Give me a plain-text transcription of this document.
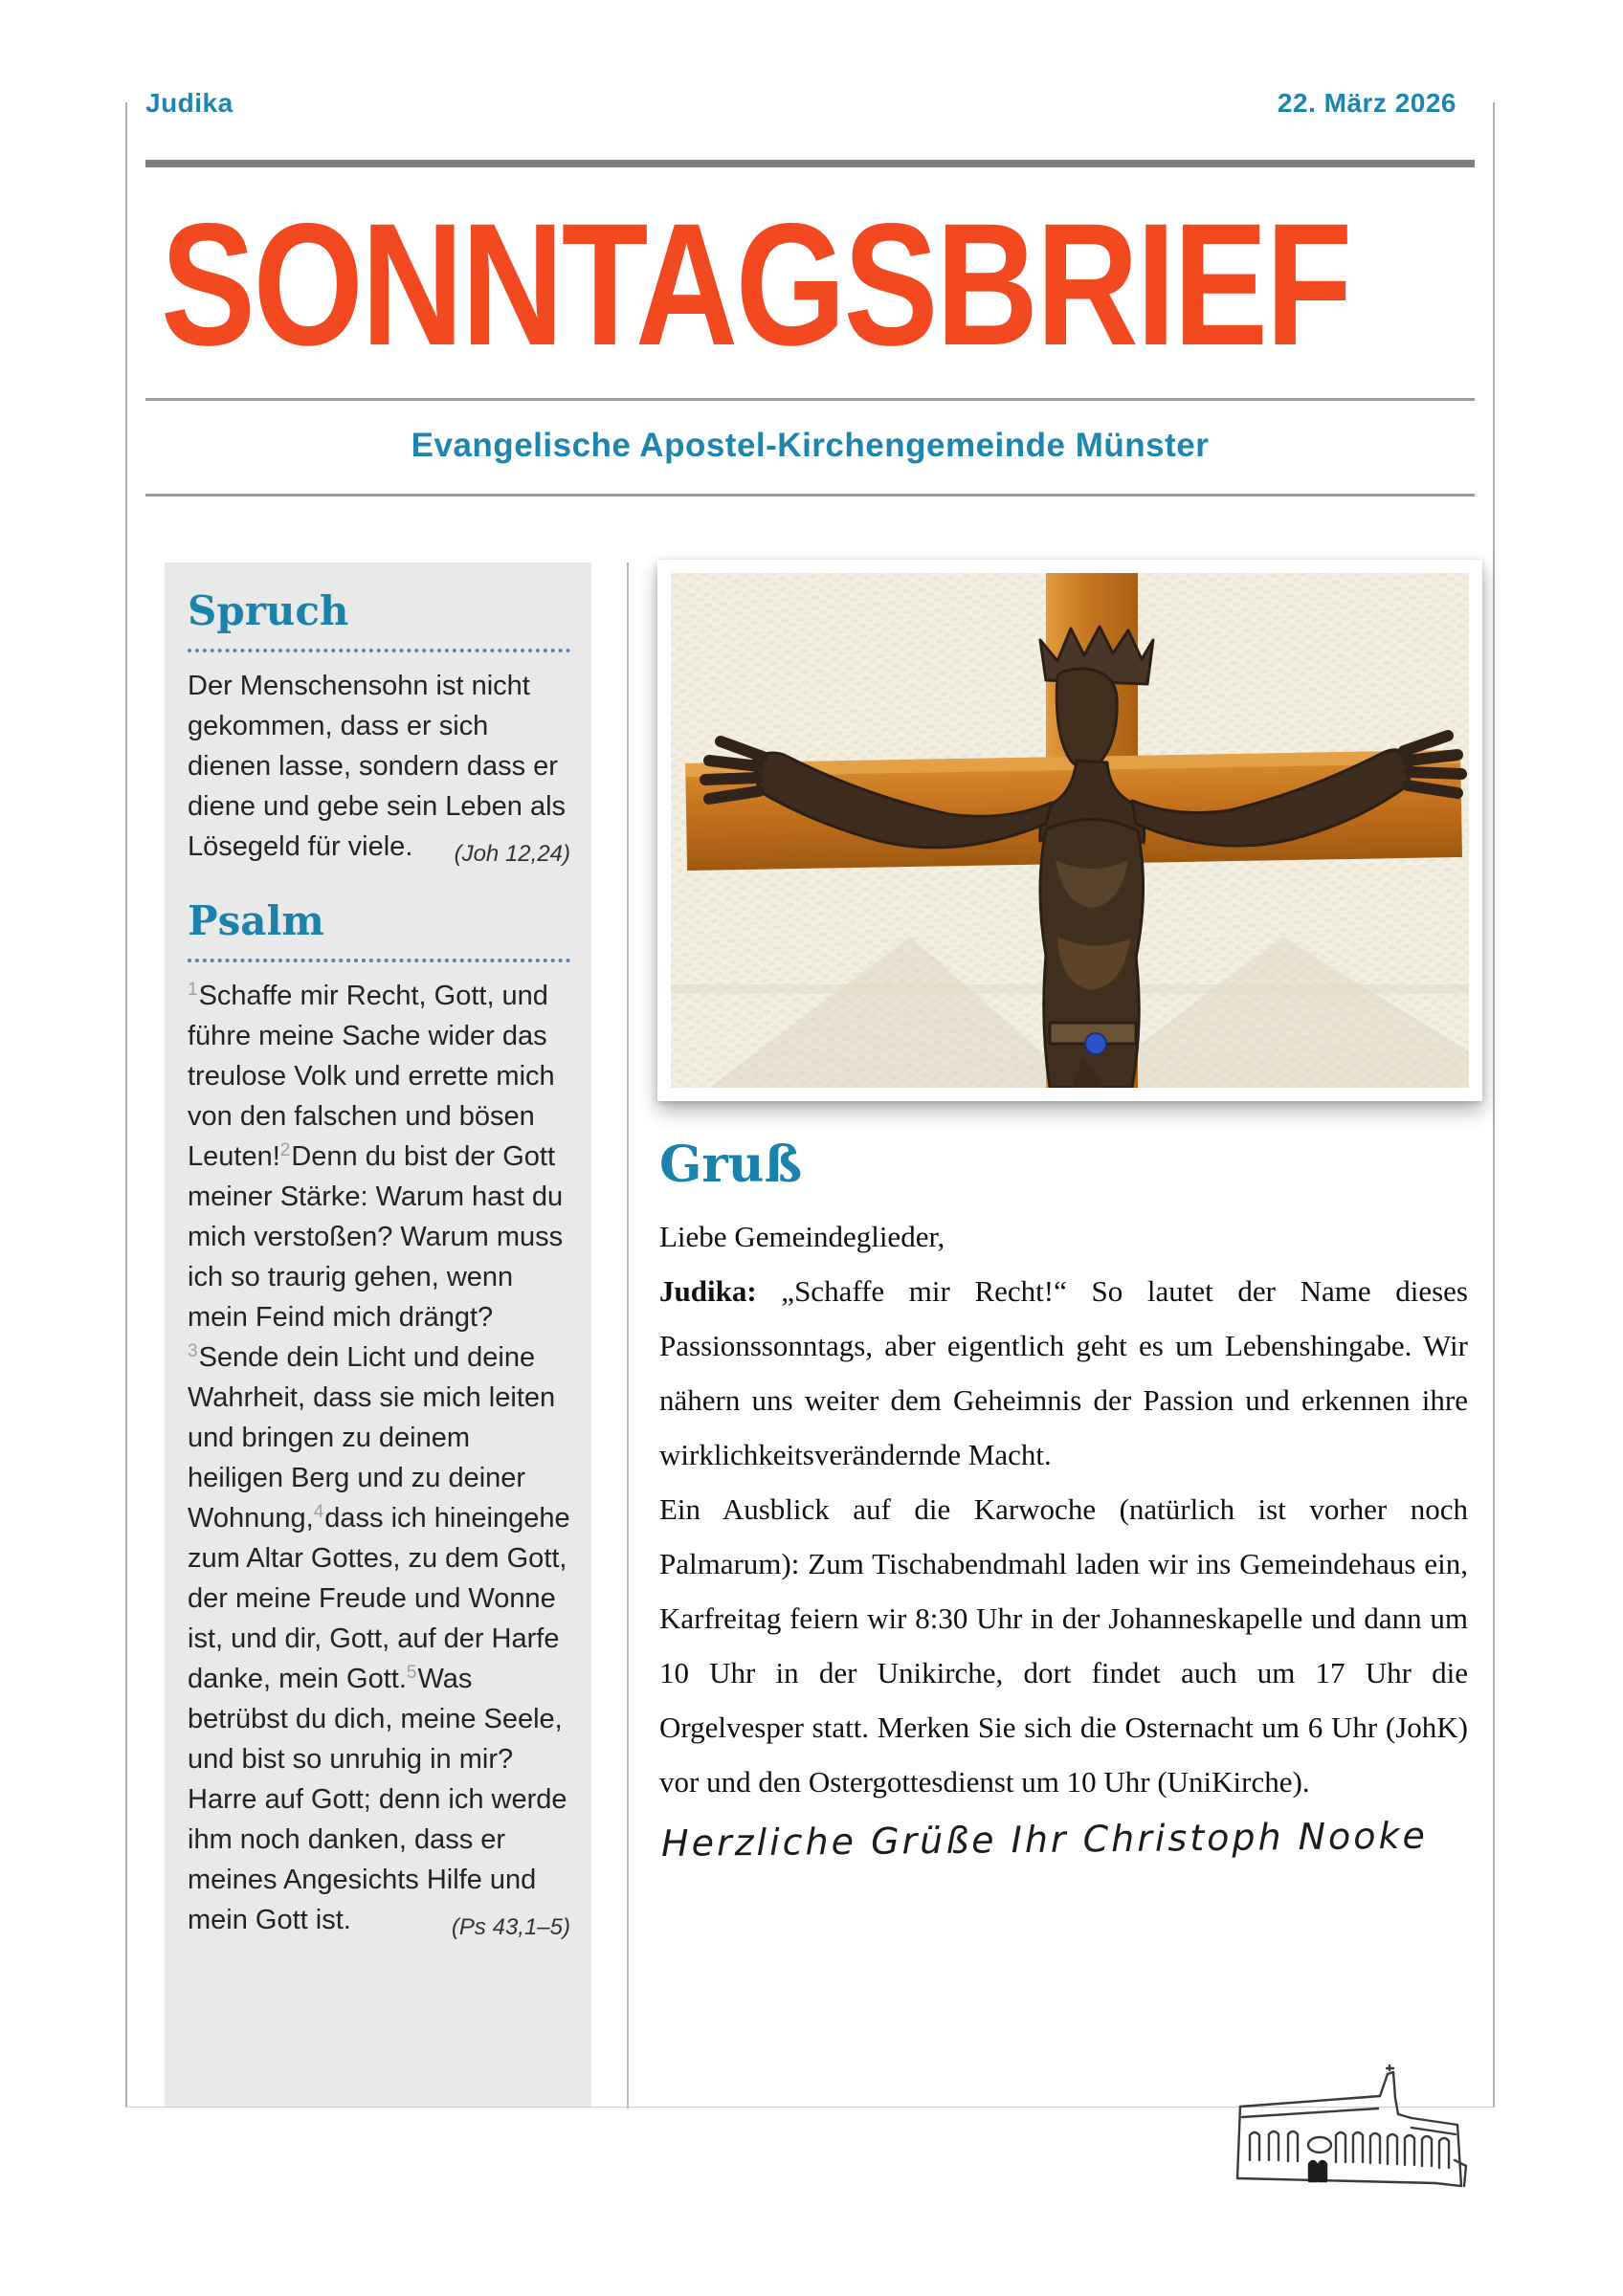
Judika	22. März 2026
SONNTAGSBRIEF
Evangelische Apostel-Kirchengemeinde Münster
Spruch

Der Menschensohn ist nicht gekommen, dass er sich dienen lasse, sondern dass er diene und gebe sein Leben als Lösegeld für viele. (Joh 12,24)

Psalm

$^1$Schaffe mir Recht, Gott, und führe meine Sache wider das treulose Volk und errette mich von den falschen und bösen Leuten!$^2$Denn du bist der Gott meiner Stärke: Warum hast du mich verstoßen? Warum muss ich so traurig gehen, wenn mein Feind mich drängt?$^3$Sende dein Licht und deine Wahrheit, dass sie mich leiten und bringen zu deinem heiligen Berg und zu deiner Wohnung,$^4$dass ich hineingehe zum Altar Gottes, zu dem Gott, der meine Freude und Wonne ist, und dir, Gott, auf der Harfe danke, mein Gott.$^5$Was betrübst du dich, meine Seele, und bist so unruhig in mir? Harre auf Gott; denn ich werde ihm noch danken, dass er meines Angesichts Hilfe und mein Gott ist.	(Ps 43,1–5)

Gruß

Liebe Gemeindeglieder,

Judika: „Schaffe mir Recht!“ So lautet der Name dieses Passionssonntags, aber eigentlich geht es um Lebenshingabe. Wir nähern uns weiter dem Geheimnis der Passion und erkennen ihre wirklichkeitsverändernde Macht.

Ein Ausblick auf die Karwoche (natürlich ist vorher noch Palmarum): Zum Tischabendmahl laden wir ins Gemeindehaus ein, Karfreitag feiern wir 8:30 Uhr in der Johanneskapelle und dann um 10 Uhr in der Unikirche, dort findet auch um 17 Uhr die Orgelvesper statt. Merken Sie sich die Osternacht um 6 Uhr (JohK) vor und den Ostergottesdienst um 10 Uhr (UniKirche).

Herzliche Grüße Ihr Christoph Nooke
